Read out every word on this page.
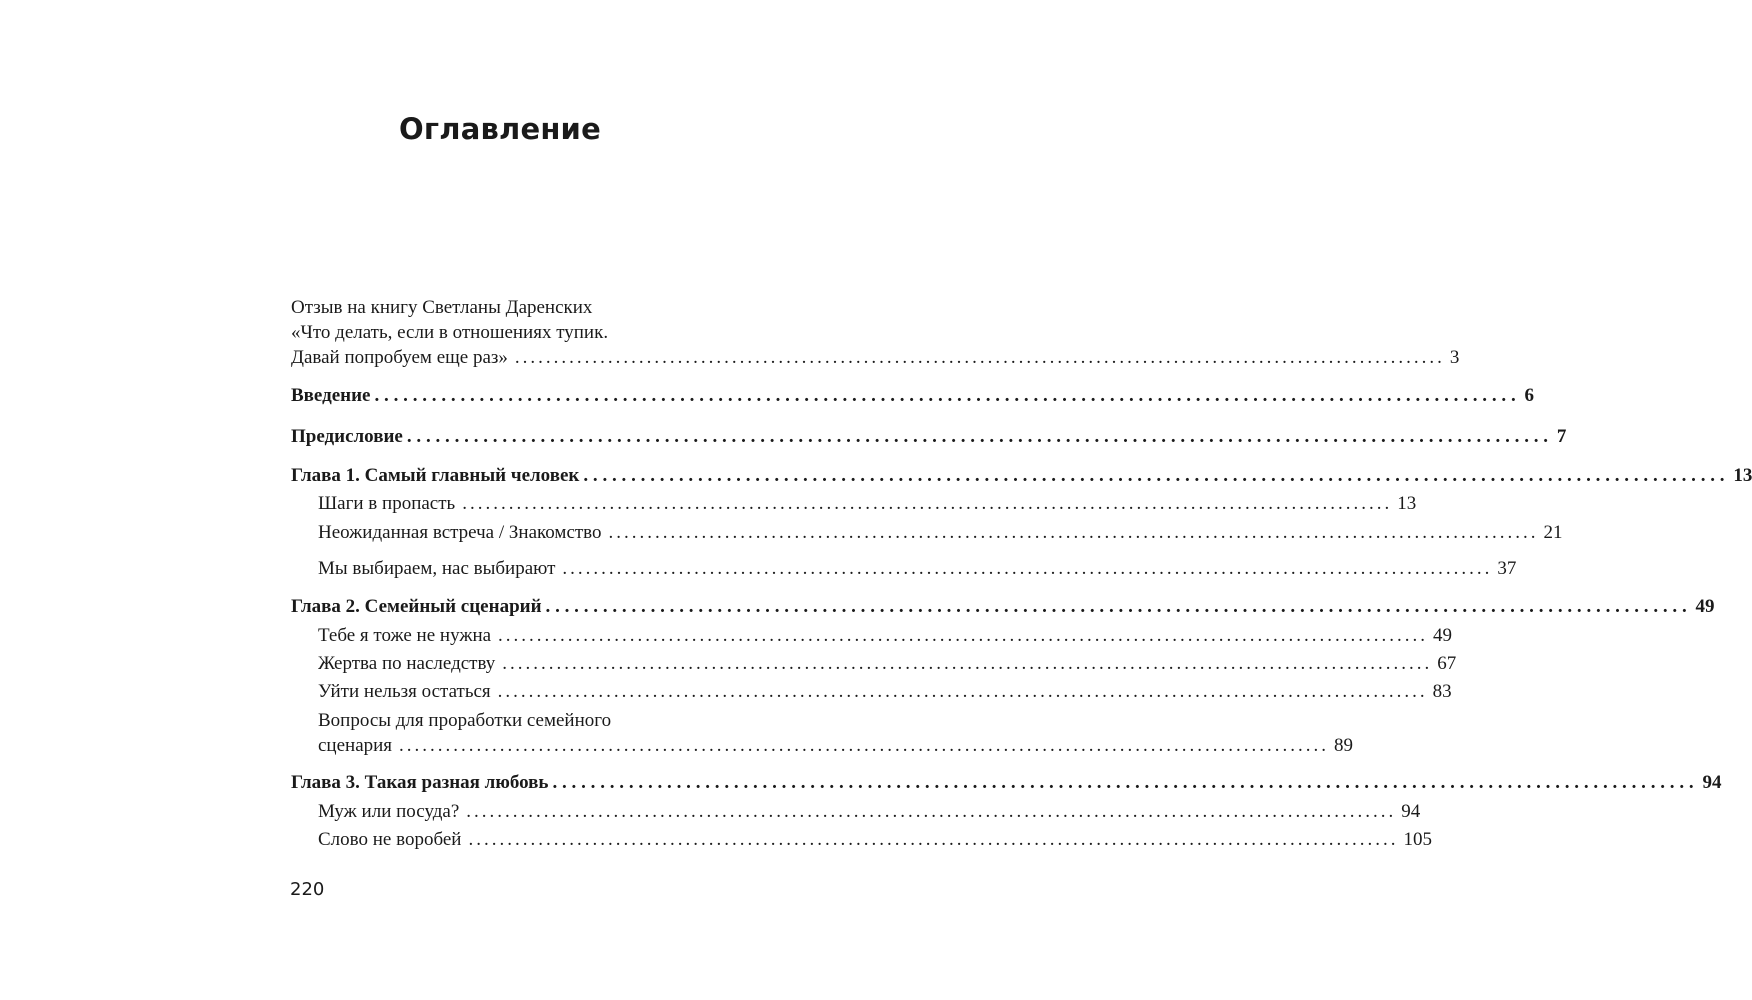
Оглавление
Отзыв на книгу Светланы Даренских
«Что делать, если в отношениях тупик.
Давай попробуем еще раз» ........................................................................................................................ 3
Введение ........................................................................................................................ 6
Предисловие ........................................................................................................................ 7
Глава 1. Самый главный человек ........................................................................................................................ 13
Шаги в пропасть ........................................................................................................................ 13
Неожиданная встреча / Знакомство ........................................................................................................................ 21
Мы выбираем, нас выбирают ........................................................................................................................ 37
Глава 2. Семейный сценарий ........................................................................................................................ 49
Тебе я тоже не нужна ........................................................................................................................ 49
Жертва по наследству ........................................................................................................................ 67
Уйти нельзя остаться ........................................................................................................................ 83
Вопросы для проработки семейного
сценария ........................................................................................................................ 89
Глава 3. Такая разная любовь ........................................................................................................................ 94
Муж или посуда? ........................................................................................................................ 94
Слово не воробей ........................................................................................................................ 105
220
